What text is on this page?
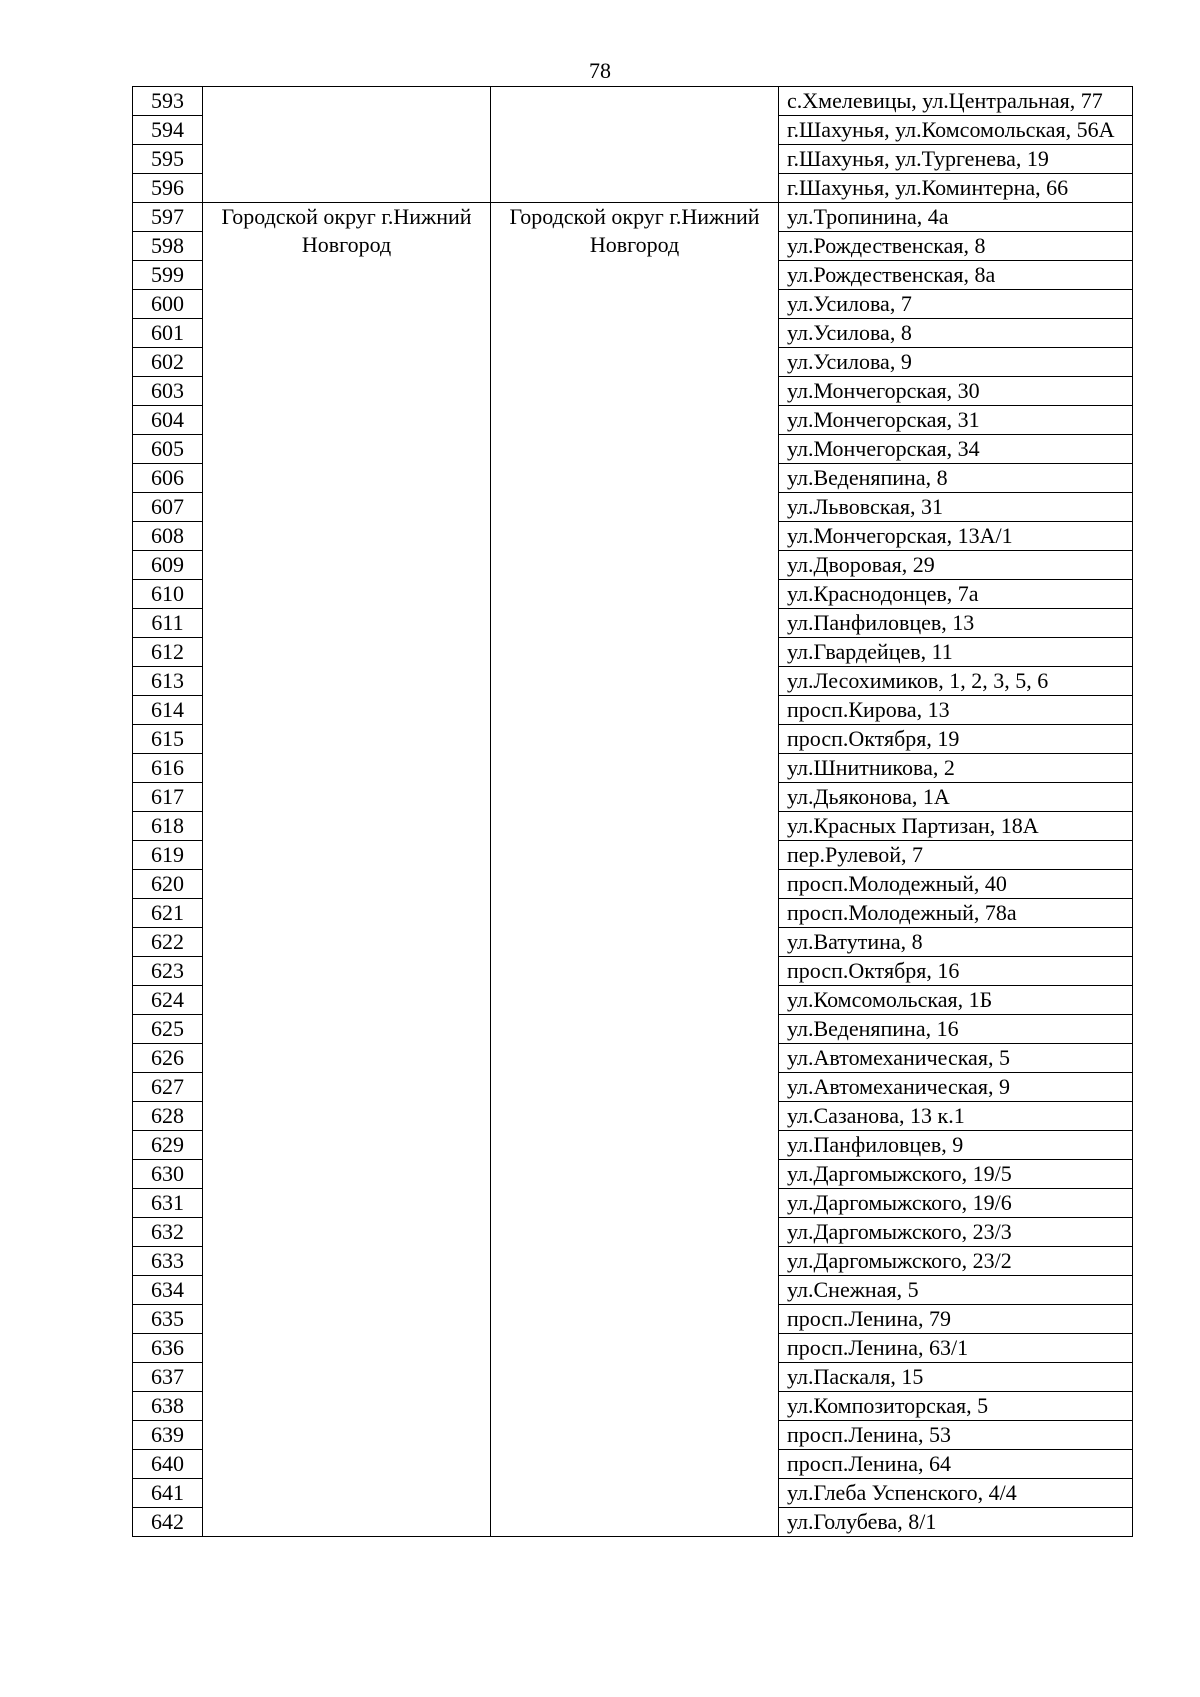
78
593			с.Хмелевицы, ул.Центральная, 77
594			г.Шахунья, ул.Комсомольская, 56А
595			г.Шахунья, ул.Тургенева, 19
596			г.Шахунья, ул.Коминтерна, 66
597	Городской округ г.Нижний Новгород	Городской округ г.Нижний Новгород	ул.Тропинина, 4а
598			ул.Рождественская, 8
599			ул.Рождественская, 8а
600			ул.Усилова, 7
601			ул.Усилова, 8
602			ул.Усилова, 9
603			ул.Мончегорская, 30
604			ул.Мончегорская, 31
605			ул.Мончегорская, 34
606			ул.Веденяпина, 8
607			ул.Львовская, 31
608			ул.Мончегорская, 13А/1
609			ул.Дворовая, 29
610			ул.Краснодонцев, 7а
611			ул.Панфиловцев, 13
612			ул.Гвардейцев, 11
613			ул.Лесохимиков, 1, 2, 3, 5, 6
614			просп.Кирова, 13
615			просп.Октября, 19
616			ул.Шнитникова, 2
617			ул.Дьяконова, 1А
618			ул.Красных Партизан, 18А
619			пер.Рулевой, 7
620			просп.Молодежный, 40
621			просп.Молодежный, 78а
622			ул.Ватутина, 8
623			просп.Октября, 16
624			ул.Комсомольская, 1Б
625			ул.Веденяпина, 16
626			ул.Автомеханическая, 5
627			ул.Автомеханическая, 9
628			ул.Сазанова, 13 к.1
629			ул.Панфиловцев, 9
630			ул.Даргомыжского, 19/5
631			ул.Даргомыжского, 19/6
632			ул.Даргомыжского, 23/3
633			ул.Даргомыжского, 23/2
634			ул.Снежная, 5
635			просп.Ленина, 79
636			просп.Ленина, 63/1
637			ул.Паскаля, 15
638			ул.Композиторская, 5
639			просп.Ленина, 53
640			просп.Ленина, 64
641			ул.Глеба Успенского, 4/4
642			ул.Голубева, 8/1
